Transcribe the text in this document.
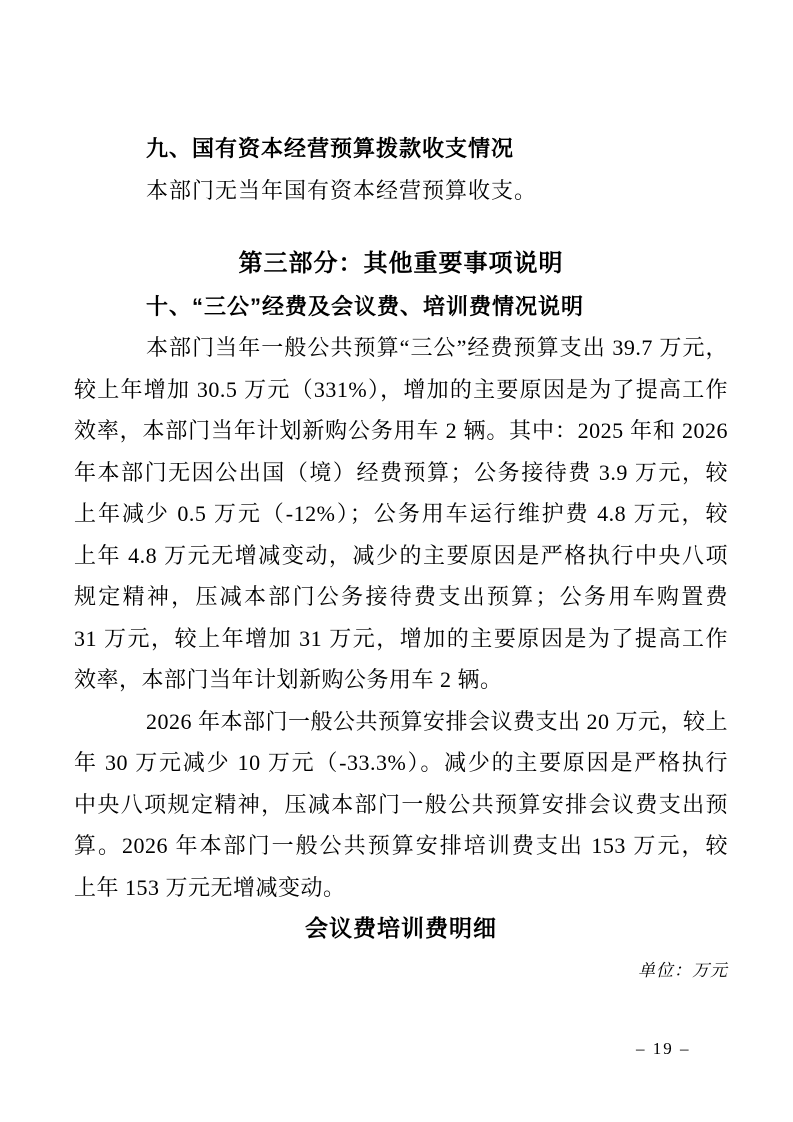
九、国有资本经营预算拨款收支情况
本部门无当年国有资本经营预算收支。
第三部分：其他重要事项说明
十、“三公”经费及会议费、培训费情况说明
本部门当年一般公共预算“三公”经费预算支出 39.7 万元，
较上年增加 30.5 万元（331%），增加的主要原因是为了提高工作
效率，本部门当年计划新购公务用车 2 辆。其中：2025 年和 2026
年本部门无因公出国（境）经费预算；公务接待费 3.9 万元，较
上年减少 0.5 万元（-12%）；公务用车运行维护费 4.8 万元，较
上年 4.8 万元无增减变动，减少的主要原因是严格执行中央八项
规定精神，压减本部门公务接待费支出预算；公务用车购置费
31 万元，较上年增加 31 万元，增加的主要原因是为了提高工作
效率，本部门当年计划新购公务用车 2 辆。
2026 年本部门一般公共预算安排会议费支出 20 万元，较上
年 30 万元减少 10 万元（-33.3%）。减少的主要原因是严格执行
中央八项规定精神，压减本部门一般公共预算安排会议费支出预
算。2026 年本部门一般公共预算安排培训费支出 153 万元，较
上年 153 万元无增减变动。
会议费培训费明细
单位：万元
– 19 –
